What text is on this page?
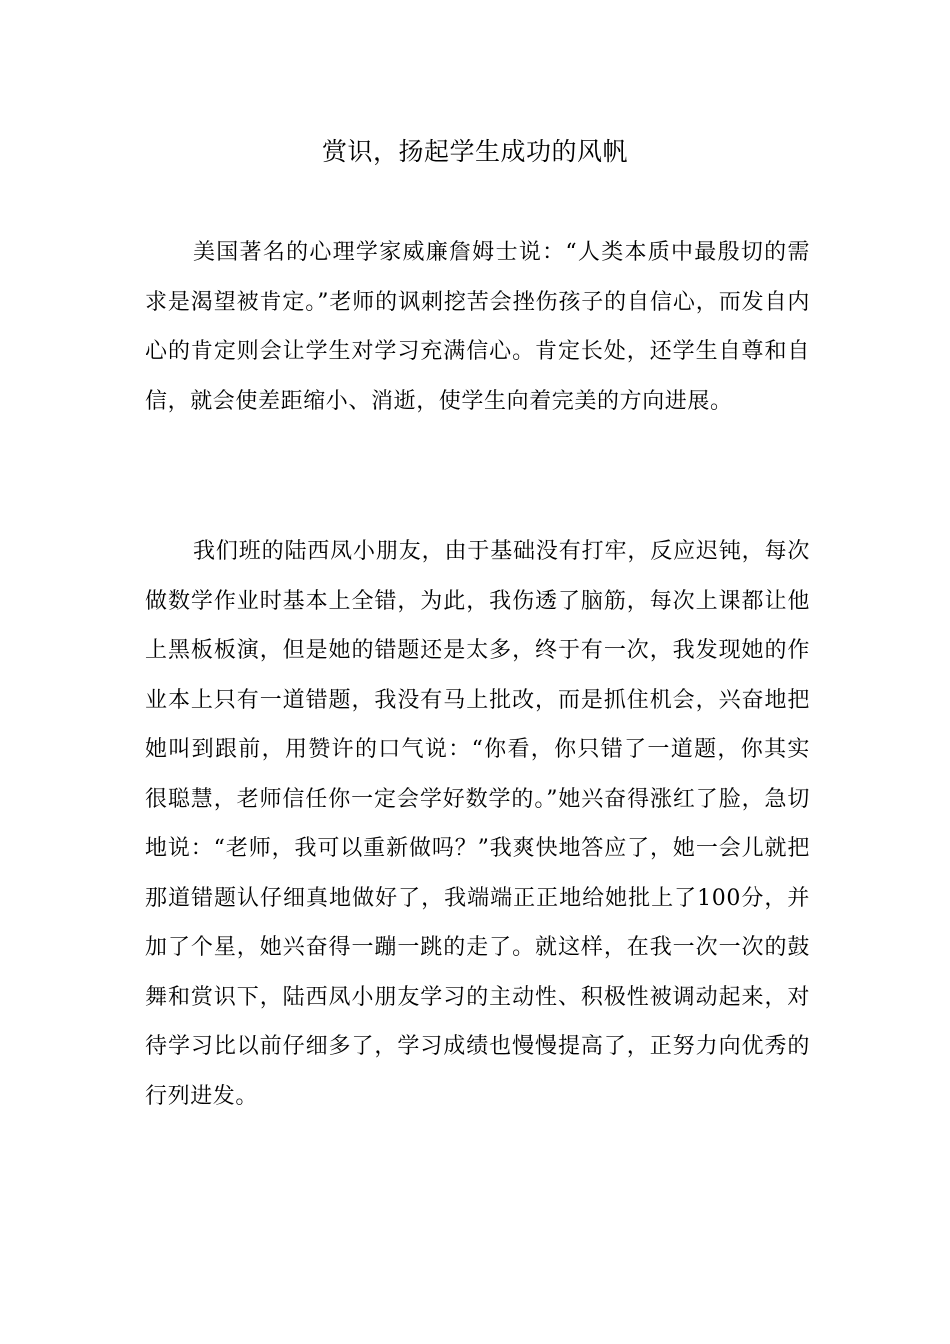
赏识，扬起学生成功的风帆

美国著名的心理学家威廉詹姆士说：“人类本质中最殷切的需求是渴望被肯定。”老师的讽刺挖苦会挫伤孩子的自信心，而发自内心的肯定则会让学生对学习充满信心。肯定长处，还学生自尊和自信，就会使差距缩小、消逝，使学生向着完美的方向进展。

我们班的陆西凤小朋友，由于基础没有打牢，反应迟钝，每次做数学作业时基本上全错，为此，我伤透了脑筋，每次上课都让他上黑板板演，但是她的错题还是太多，终于有一次，我发现她的作业本上只有一道错题，我没有马上批改，而是抓住机会，兴奋地把她叫到跟前，用赞许的口气说：“你看，你只错了一道题，你其实很聪慧，老师信任你一定会学好数学的。”她兴奋得涨红了脸，急切地说：“老师，我可以重新做吗？”我爽快地答应了，她一会儿就把那道错题认仔细真地做好了，我端端正正地给她批上了100分，并加了个星，她兴奋得一蹦一跳的走了。就这样，在我一次一次的鼓舞和赏识下，陆西凤小朋友学习的主动性、积极性被调动起来，对待学习比以前仔细多了，学习成绩也慢慢提高了，正努力向优秀的行列进发。
